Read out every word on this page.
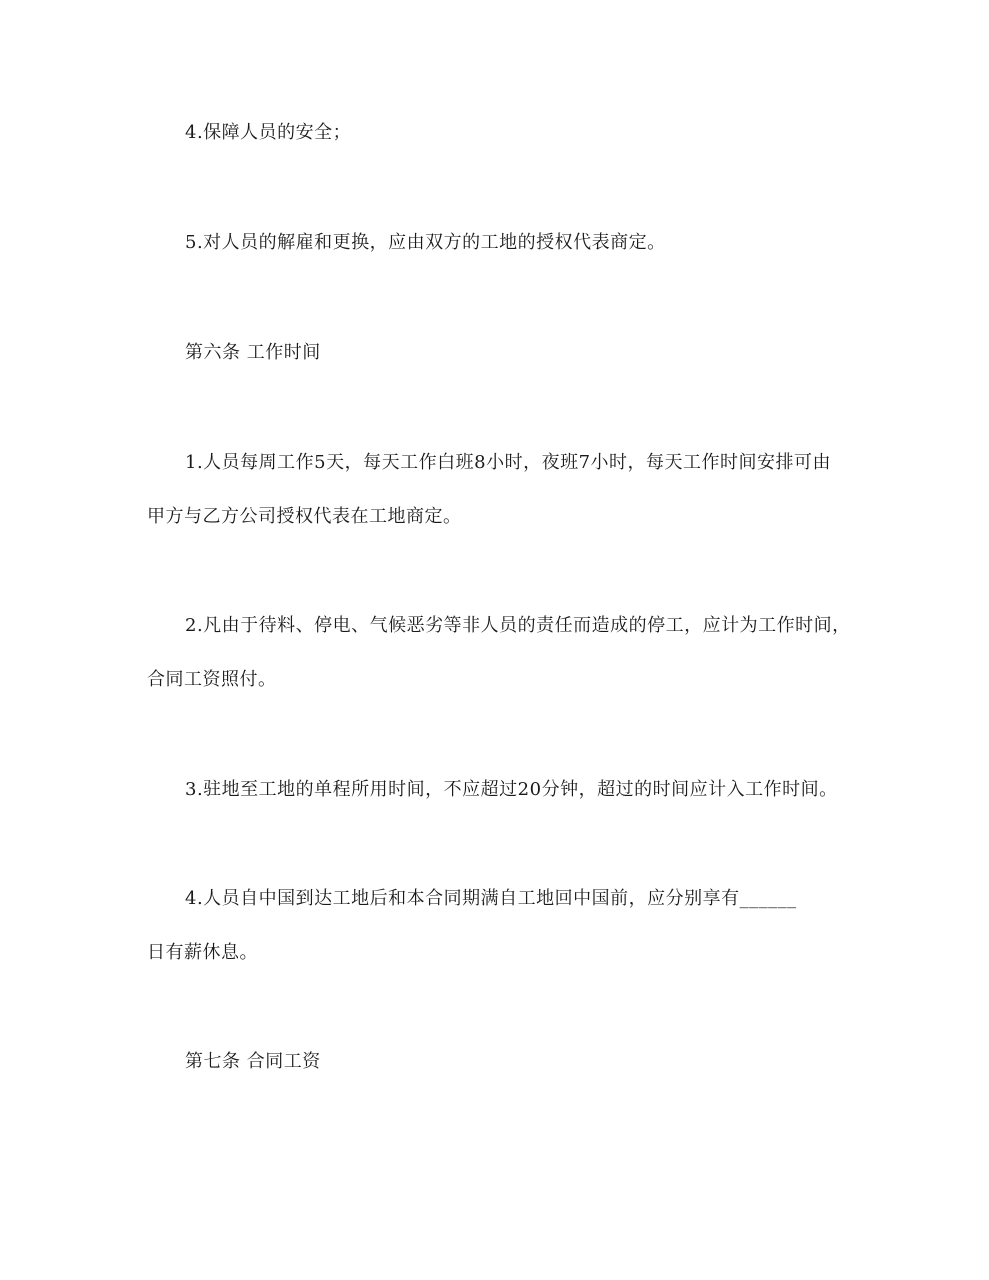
4.保障人员的安全；
5.对人员的解雇和更换，应由双方的工地的授权代表商定。
第六条 工作时间
1.人员每周工作5天，每天工作白班8小时，夜班7小时，每天工作时间安排可由
甲方与乙方公司授权代表在工地商定。
2.凡由于待料、停电、气候恶劣等非人员的责任而造成的停工，应计为工作时间，
合同工资照付。
3.驻地至工地的单程所用时间，不应超过20分钟，超过的时间应计入工作时间。
4.人员自中国到达工地后和本合同期满自工地回中国前，应分别享有______
日有薪休息。
第七条 合同工资
